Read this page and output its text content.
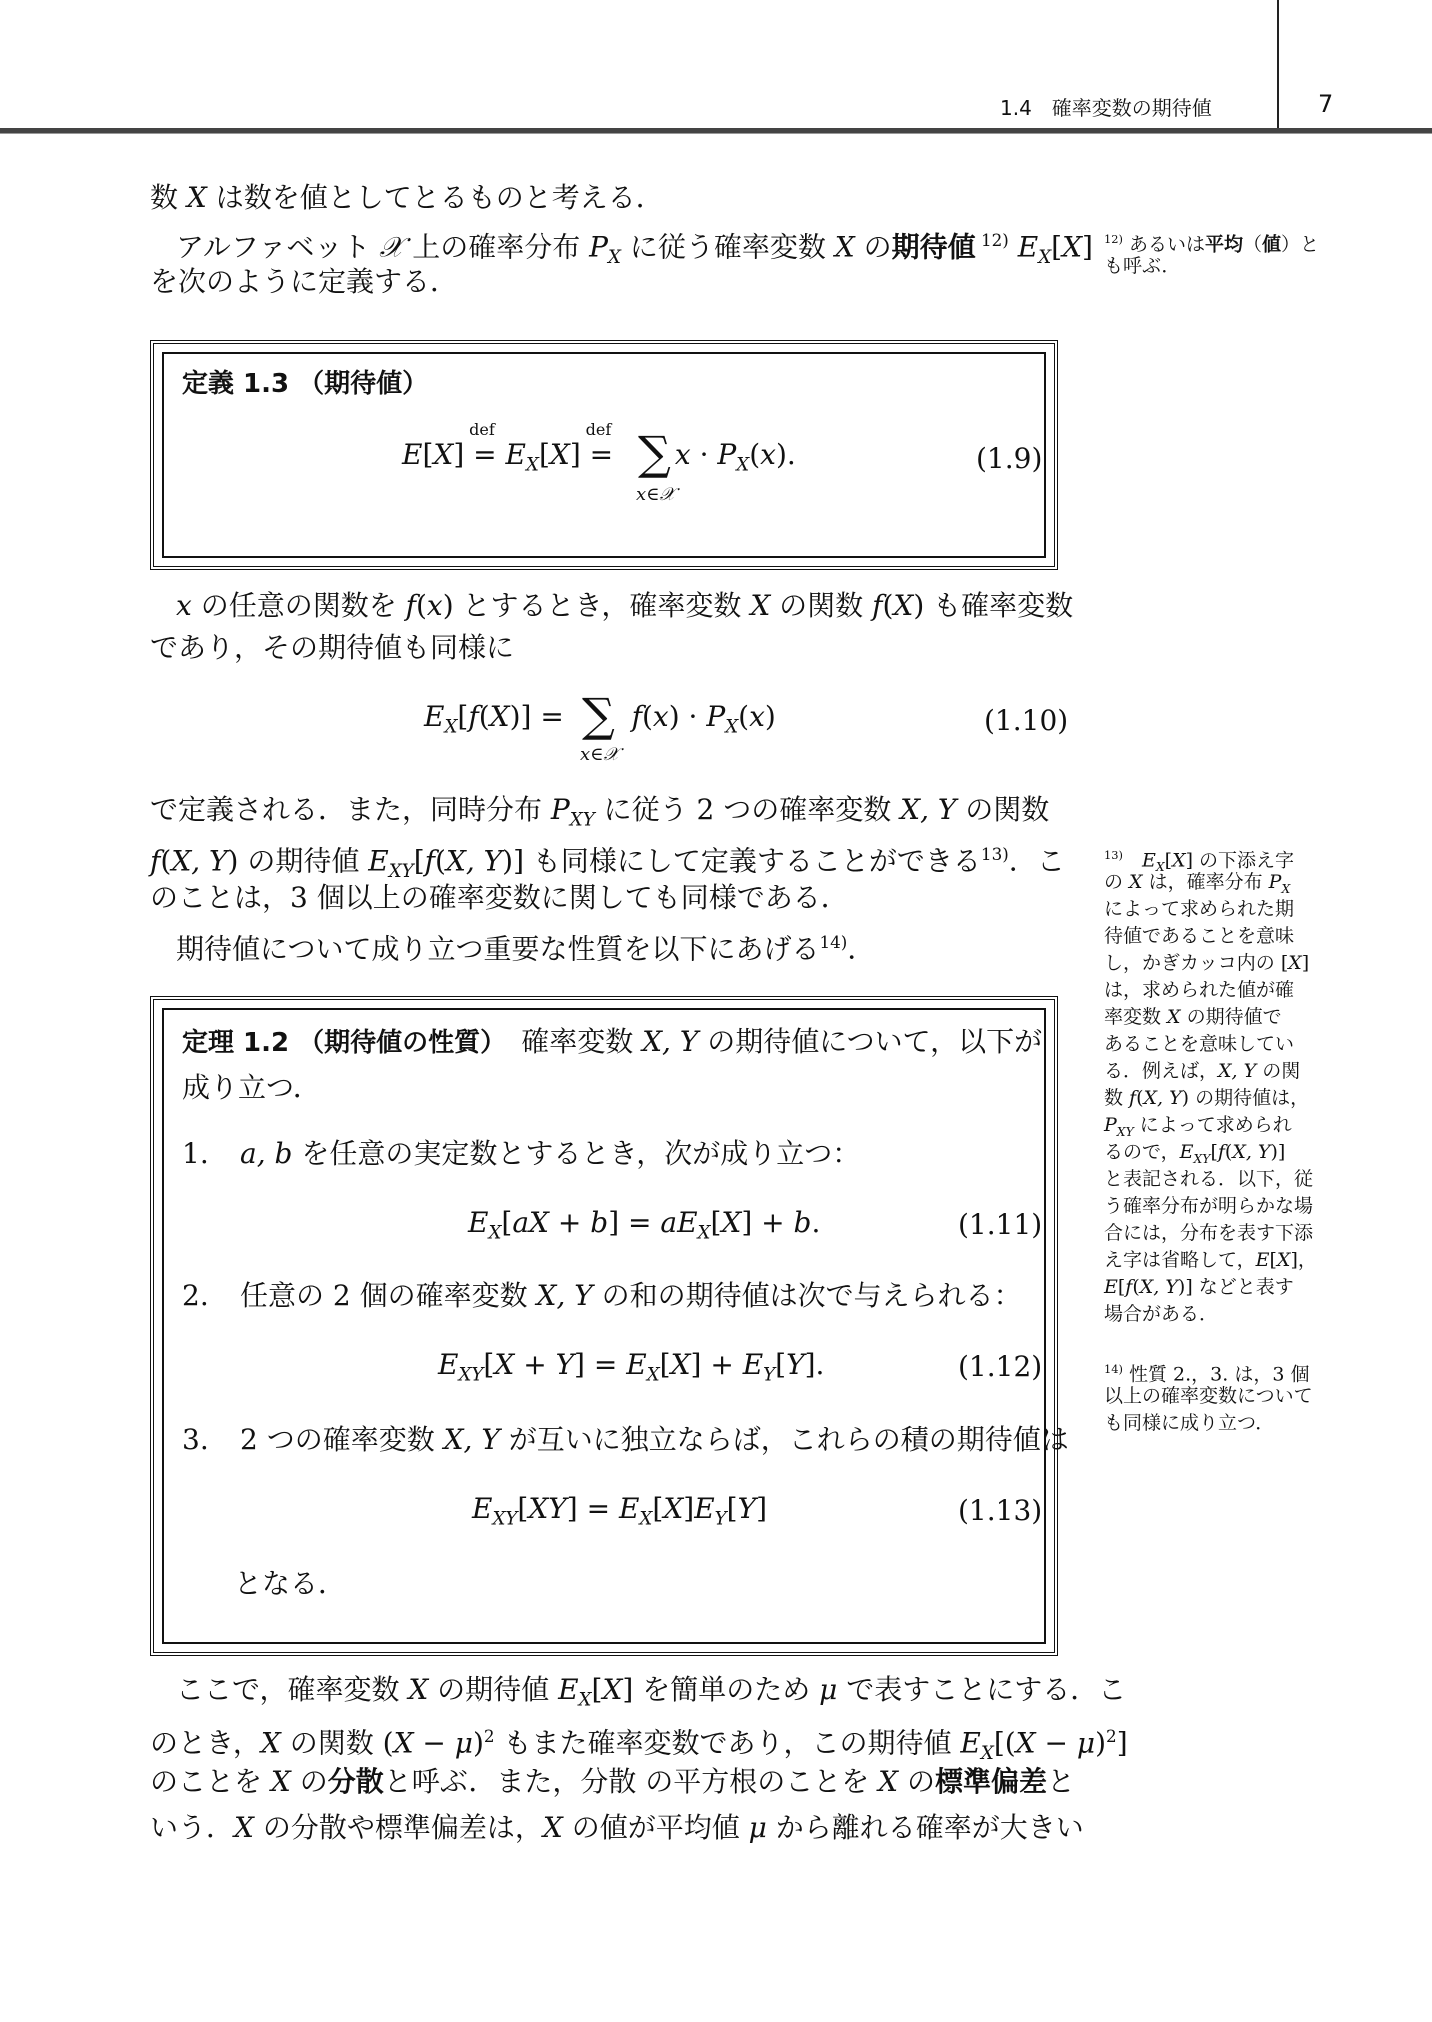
1.4　確率変数の期待値	7
数 X は数を値としてとるものと考える．
アルファベット 𝒳 上の確率分布 $P_X$ に従う確率変数 X の期待値 $^{12)}$ $E_X[X]$
を次のように定義する．
定義 1.3 （期待値）
E[X] =
def
$E_X[X]$ =
def
$x \cdot P_X(x)$.
∑
x∈𝒳
(1.9)
x の任意の関数を f(x) とするとき，確率変数 X の関数 f(X) も確率変数
であり，その期待値も同様に
$E_X[f(X)] = f(x) \cdot P_X(x)$
∑
x∈𝒳
(1.10)
で定義される．また，同時分布 $P_{XY}$ に従う 2 つの確率変数 X, Y の関数
f(X, Y) の期待値 $E_{XY}[f(X$, Y)] も同様にして定義することができる$^{13)}$．こ
のことは，3 個以上の確率変数に関しても同様である．
期待値について成り立つ重要な性質を以下にあげる$^{14)}$．
定理 1.2 （期待値の性質）　 確率変数 X, Y の期待値について，以下が
成り立つ．
1. a, b を任意の実定数とするとき，次が成り立つ：
$E_X[aX + b] = aE_X[X] + b$.	(1.11)
2. 任意の 2 個の確率変数 X, Y の和の期待値は次で与えられる：
$E_{XY}[X + Y] = E_X[X] + E_Y[Y]$.	(1.12)
3. 2 つの確率変数 X, Y が互いに独立ならば，これらの積の期待値は
$E_{XY}[XY] = E_X[X]E_Y[Y]$	(1.13)
となる．
ここで，確率変数 X の期待値 $E_X[X]$ を簡単のため μ で表すことにする．こ
のとき，X の関数 $(X - \mu)^2$ もまた確率変数であり，この期待値 $E_X[(X - \mu)^2]$
のことを X の分散と呼ぶ．また，分散 の平方根のことを X の標準偏差と
いう．X の分散や標準偏差は，X の値が平均値 μ から離れる確率が大きい
$^{12)}$ あるいは平均（値）と
も呼ぶ．
$^{13)}$　 $E_X[X]$ の下添え字
の X は，確率分布 $P_X$
によって求められた期
待値であることを意味
し，かぎカッコ内の [X]
は，求められた値が確
率変数 X の期待値で
あることを意味してい
る．例えば，X, Y の関
数 f(X, Y) の期待値は，
$P_{XY}$ によって求められ
るので，$E_{XY}[f(X$, Y)]
と表記される．以下，従
う確率分布が明らかな場
合には，分布を表す下添
え字は省略して，E[X]，
E[f(X, Y)] などと表す
場合がある．
$^{14)}$ 性質 2.，3. は，3 個
以上の確率変数について
も同様に成り立つ．
